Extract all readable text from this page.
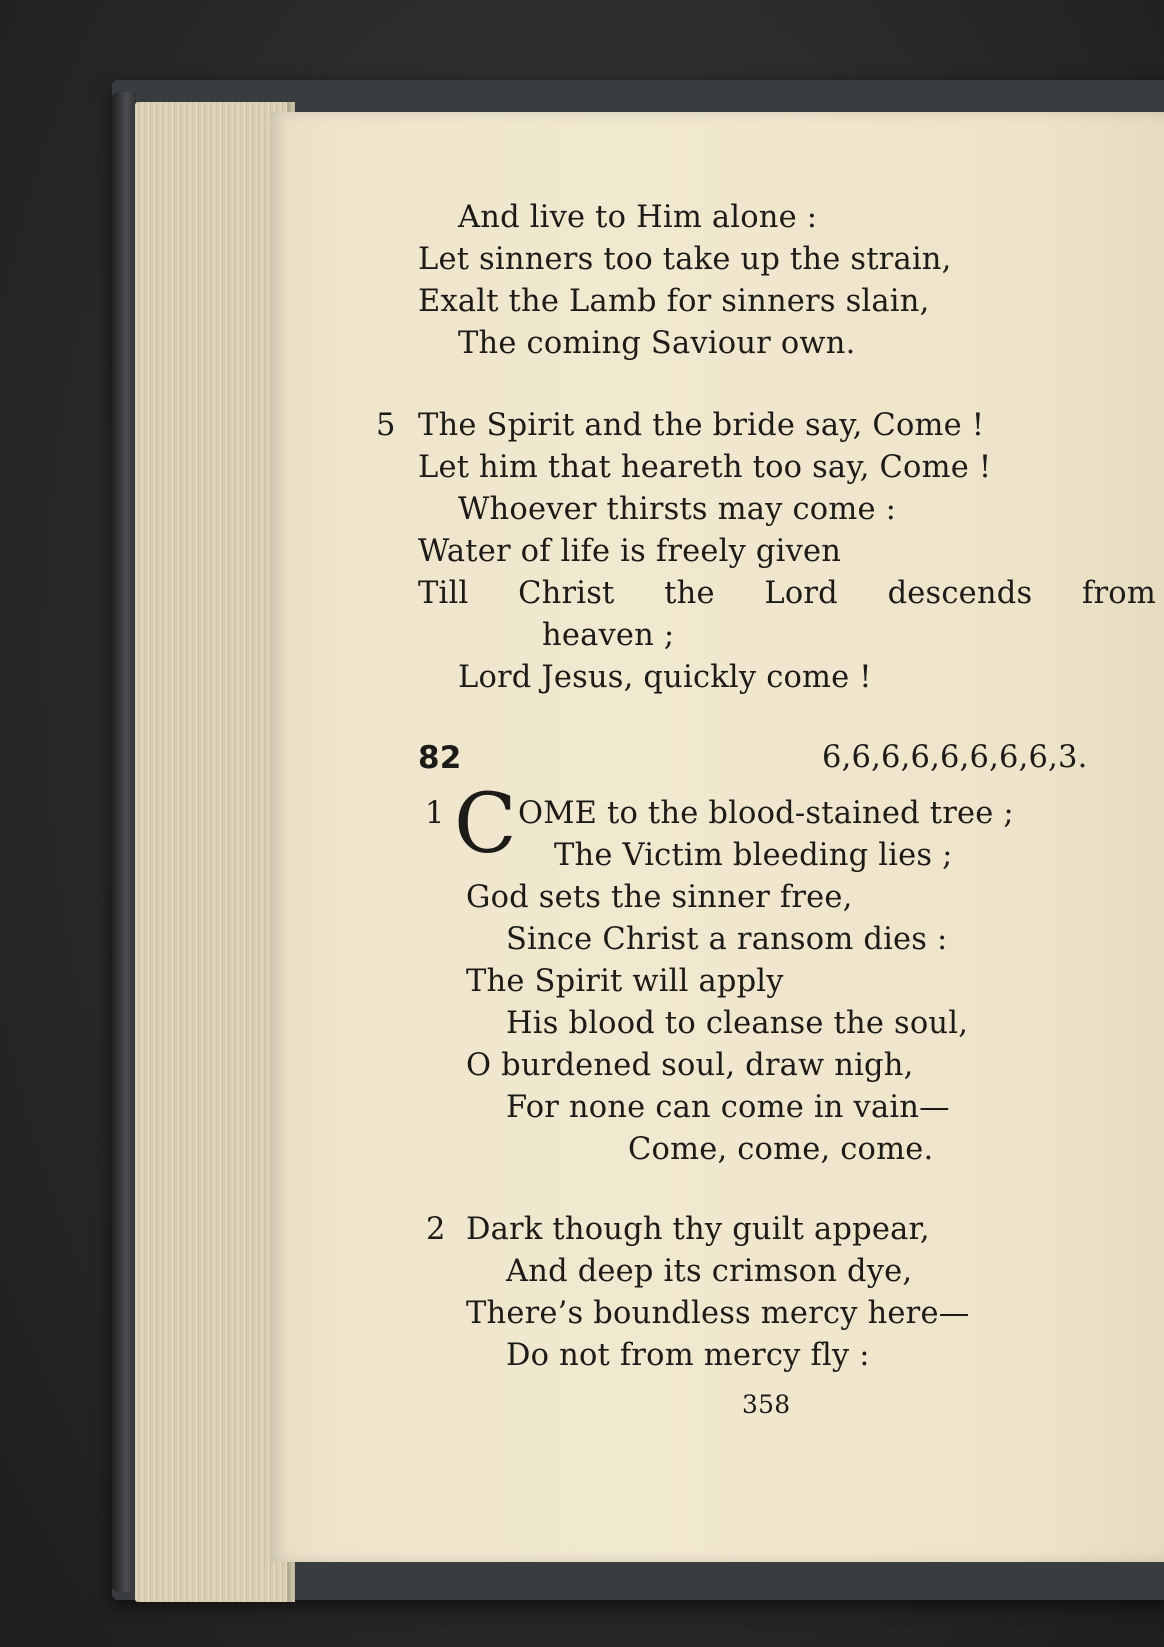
And live to Him alone :
Let sinners too take up the strain,
Exalt the Lamb for sinners slain,
The coming Saviour own.
5 The Spirit and the bride say, Come !
Let him that heareth too say, Come !
Whoever thirsts may come :
Water of life is freely given
Till Christ the Lord descends from
heaven ;
Lord Jesus, quickly come !
82	6,6,6,6,6,6,6,6,3.
1 C OME to the blood-stained tree ;
The Victim bleeding lies ;
God sets the sinner free,
Since Christ a ransom dies :
The Spirit will apply
His blood to cleanse the soul,
O burdened soul, draw nigh,
For none can come in vain—
Come, come, come.
2 Dark though thy guilt appear,
And deep its crimson dye,
There’s boundless mercy here—
Do not from mercy fly :
358
